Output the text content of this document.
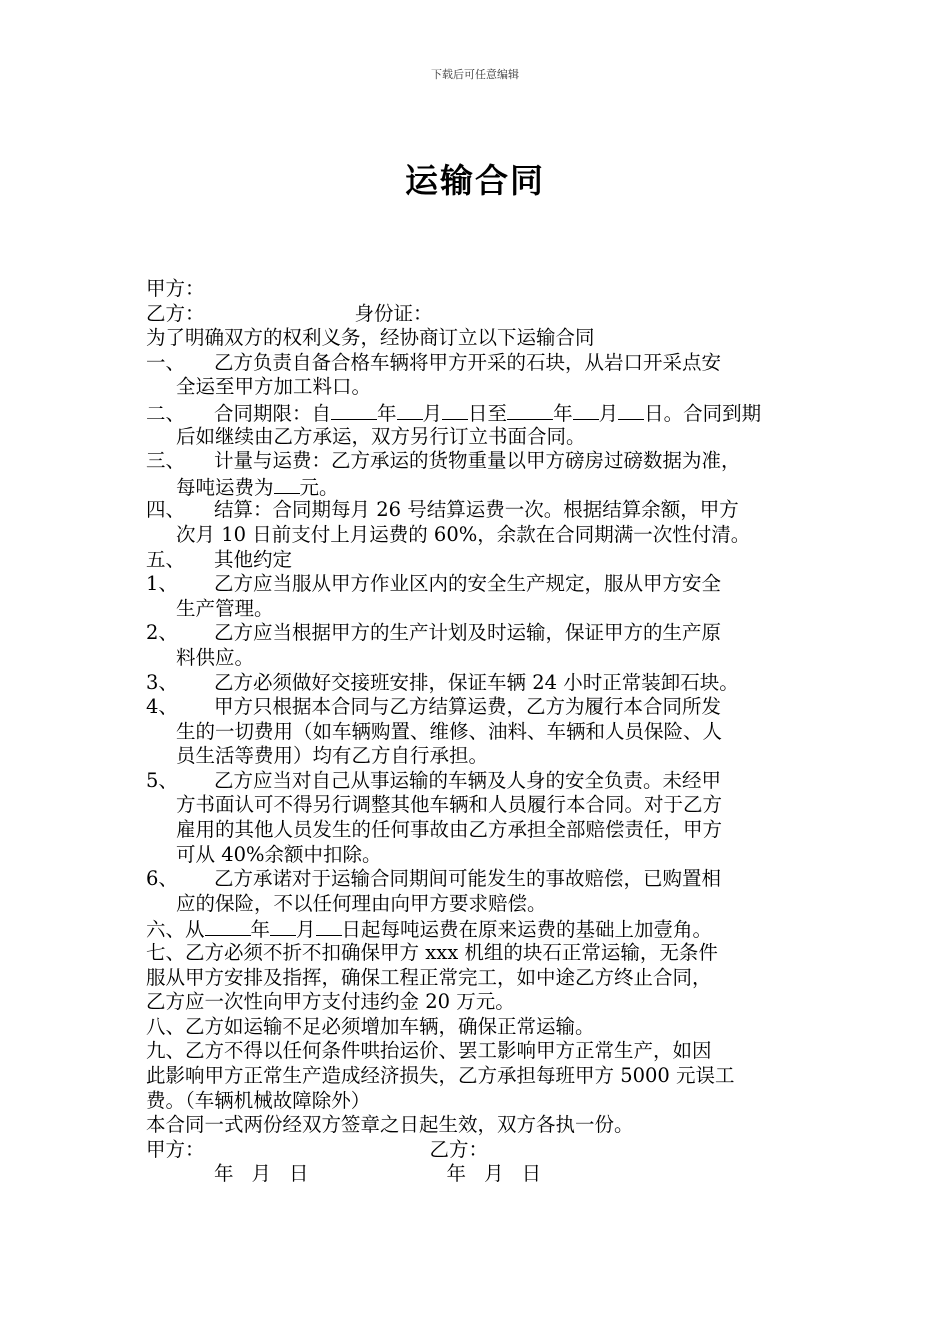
下载后可任意编辑
运输合同
甲方：
乙方：	身份证：
为了明确双方的权利义务，经协商订立以下运输合同
一、 乙方负责自备合格车辆将甲方开采的石块，从岩口开采点安
全运至甲方加工料口。
二、 合同期限：自 年 月 日至 年 月 日。合同到期
后如继续由乙方承运，双方另行订立书面合同。
三、 计量与运费：乙方承运的货物重量以甲方磅房过磅数据为准，
每吨运费为 元。
四、 结算：合同期每月 26 号结算运费一次。根据结算余额，甲方
次月 10 日前支付上月运费的 60%，余款在合同期满一次性付清。
五、 其他约定
1、 乙方应当服从甲方作业区内的安全生产规定，服从甲方安全
生产管理。
2、 乙方应当根据甲方的生产计划及时运输，保证甲方的生产原
料供应。
3、 乙方必须做好交接班安排，保证车辆 24 小时正常装卸石块。
4、 甲方只根据本合同与乙方结算运费，乙方为履行本合同所发
生的一切费用（如车辆购置、维修、油料、车辆和人员保险、人
员生活等费用）均有乙方自行承担。
5、 乙方应当对自己从事运输的车辆及人身的安全负责。未经甲
方书面认可不得另行调整其他车辆和人员履行本合同。对于乙方
雇用的其他人员发生的任何事故由乙方承担全部赔偿责任，甲方
可从 40%余额中扣除。
6、 乙方承诺对于运输合同期间可能发生的事故赔偿，已购置相
应的保险，不以任何理由向甲方要求赔偿。
六、从 年 月 日起每吨运费在原来运费的基础上加壹角。
七、乙方必须不折不扣确保甲方 xxx 机组的块石正常运输，无条件
服从甲方安排及指挥，确保工程正常完工，如中途乙方终止合同，
乙方应一次性向甲方支付违约金 20 万元。
八、乙方如运输不足必须增加车辆，确保正常运输。
九、乙方不得以任何条件哄抬运价、罢工影响甲方正常生产，如因
此影响甲方正常生产造成经济损失，乙方承担每班甲方 5000 元误工
费。（车辆机械故障除外）
本合同一式两份经双方签章之日起生效，双方各执一份。
甲方：	乙方：
年 月 日	年 月 日
